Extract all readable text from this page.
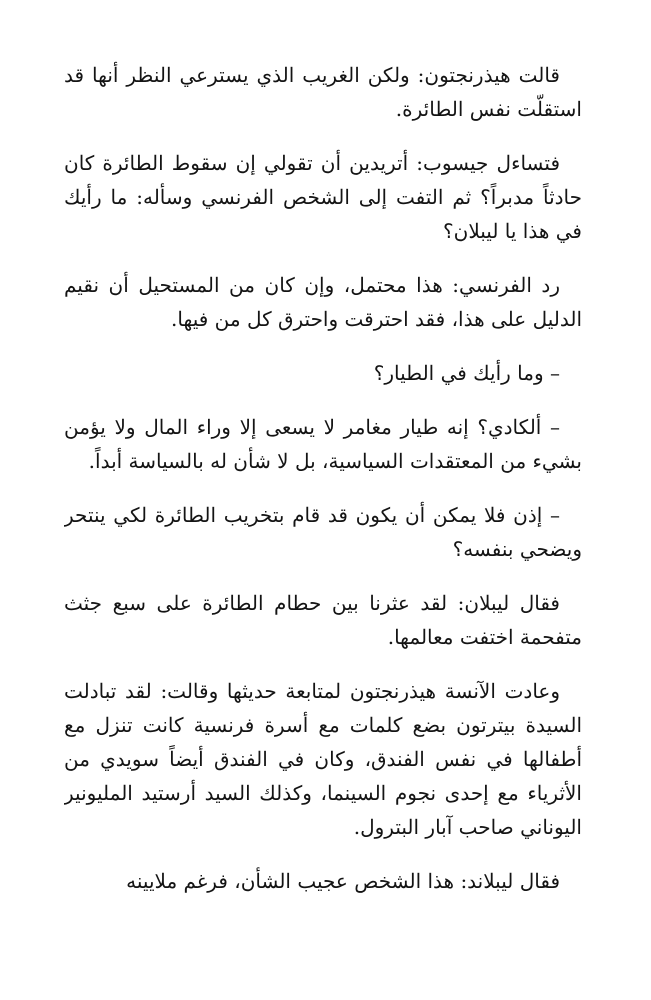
قالت هيذرنجتون: ولكن الغريب الذي يسترعي النظر أنها قد استقلّت نفس الطائرة.

فتساءل جيسوب: أتريدين أن تقولي إن سقوط الطائرة كان حادثاً مدبراً؟ ثم التفت إلى الشخص الفرنسي وسأله: ما رأيك في هذا يا ليبلان؟

رد الفرنسي: هذا محتمل، وإن كان من المستحيل أن نقيم الدليل على هذا، فقد احترقت واحترق كل من فيها.

– وما رأيك في الطيار؟

– ألكادي؟ إنه طيار مغامر لا يسعى إلا وراء المال ولا يؤمن بشيء من المعتقدات السياسية، بل لا شأن له بالسياسة أبداً.

– إذن فلا يمكن أن يكون قد قام بتخريب الطائرة لكي ينتحر ويضحي بنفسه؟

فقال ليبلان: لقد عثرنا بين حطام الطائرة على سبع جثث متفحمة اختفت معالمها.

وعادت الآنسة هيذرنجتون لمتابعة حديثها وقالت: لقد تبادلت السيدة بيترتون بضع كلمات مع أسرة فرنسية كانت تنزل مع أطفالها في نفس الفندق، وكان في الفندق أيضاً سويدي من الأثرياء مع إحدى نجوم السينما، وكذلك السيد أرستيد المليونير اليوناني صاحب آبار البترول.

فقال ليبلاند: هذا الشخص عجيب الشأن، فرغم ملايينه
